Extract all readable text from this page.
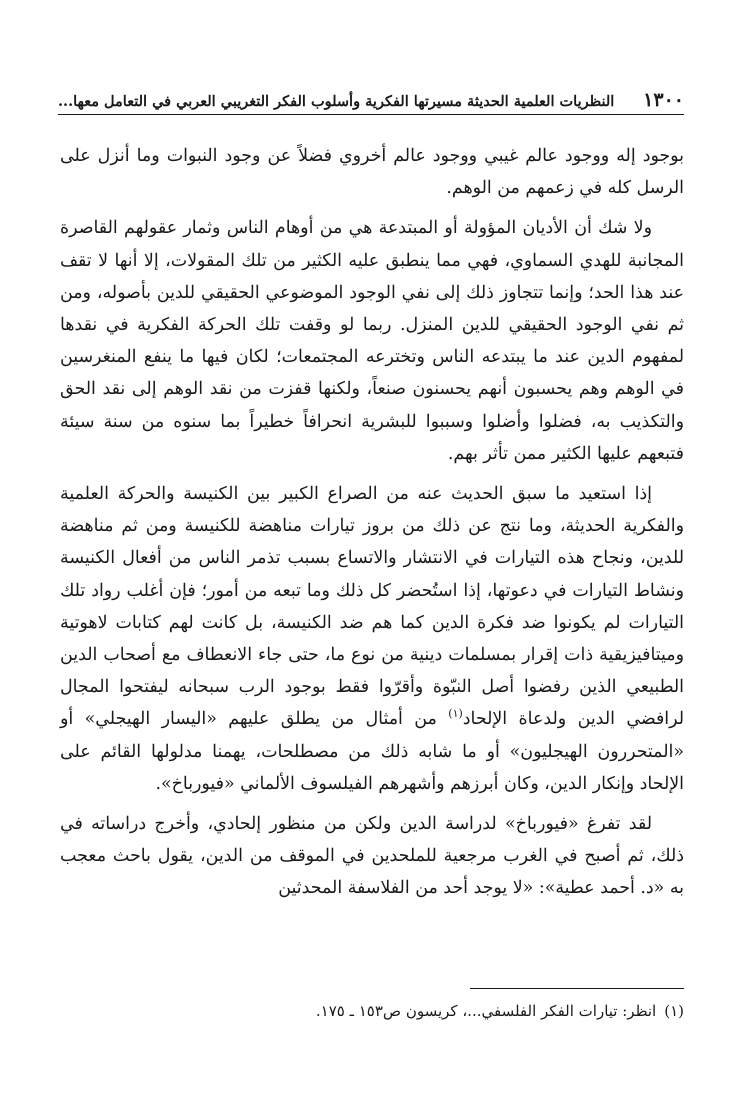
١٣٠٠
النظريات العلمية الحديثة مسيرتها الفكرية وأسلوب الفكر التغريبي العربي في التعامل معها...

بوجود إله ووجود عالم غيبي ووجود عالم أخروي فضلاً عن وجود النبوات وما أنزل على الرسل كله في زعمهم من الوهم.

ولا شك أن الأديان المؤولة أو المبتدعة هي من أوهام الناس وثمار عقولهم القاصرة المجانبة للهدي السماوي، فهي مما ينطبق عليه الكثير من تلك المقولات، إلا أنها لا تقف عند هذا الحد؛ وإنما تتجاوز ذلك إلى نفي الوجود الموضوعي الحقيقي للدين بأصوله، ومن ثم نفي الوجود الحقيقي للدين المنزل. ربما لو وقفت تلك الحركة الفكرية في نقدها لمفهوم الدين عند ما يبتدعه الناس وتخترعه المجتمعات؛ لكان فيها ما ينفع المنغرسين في الوهم وهم يحسبون أنهم يحسنون صنعاً، ولكنها قفزت من نقد الوهم إلى نقد الحق والتكذيب به، فضلوا وأضلوا وسببوا للبشرية انحرافاً خطيراً بما سنوه من سنة سيئة فتبعهم عليها الكثير ممن تأثر بهم.

إذا استعيد ما سبق الحديث عنه من الصراع الكبير بين الكنيسة والحركة العلمية والفكرية الحديثة، وما نتج عن ذلك من بروز تيارات مناهضة للكنيسة ومن ثم مناهضة للدين، ونجاح هذه التيارات في الانتشار والاتساع بسبب تذمر الناس من أفعال الكنيسة ونشاط التيارات في دعوتها، إذا استُحضر كل ذلك وما تبعه من أمور؛ فإن أغلب رواد تلك التيارات لم يكونوا ضد فكرة الدين كما هم ضد الكنيسة، بل كانت لهم كتابات لاهوتية وميتافيزيقية ذات إقرار بمسلمات دينية من نوع ما، حتى جاء الانعطاف مع أصحاب الدين الطبيعي الذين رفضوا أصل النبّوة وأقرّوا فقط بوجود الرب سبحانه ليفتحوا المجال لرافضي الدين ولدعاة الإلحاد$^{(١)}$ من أمثال من يطلق عليهم «اليسار الهيجلي» أو «المتحررون الهيجليون» أو ما شابه ذلك من مصطلحات، يهمنا مدلولها القائم على الإلحاد وإنكار الدين، وكان أبرزهم وأشهرهم الفيلسوف الألماني «فيورباخ».

لقد تفرغ «فيورباخ» لدراسة الدين ولكن من منظور إلحادي، وأخرج دراساته في ذلك، ثم أصبح في الغرب مرجعية للملحدين في الموقف من الدين، يقول باحث معجب به «د. أحمد عطية»: «لا يوجد أحد من الفلاسفة المحدثين

(١)انظر: تيارات الفكر الفلسفي...، كريسون ص١٥٣ ـ ١٧٥.
